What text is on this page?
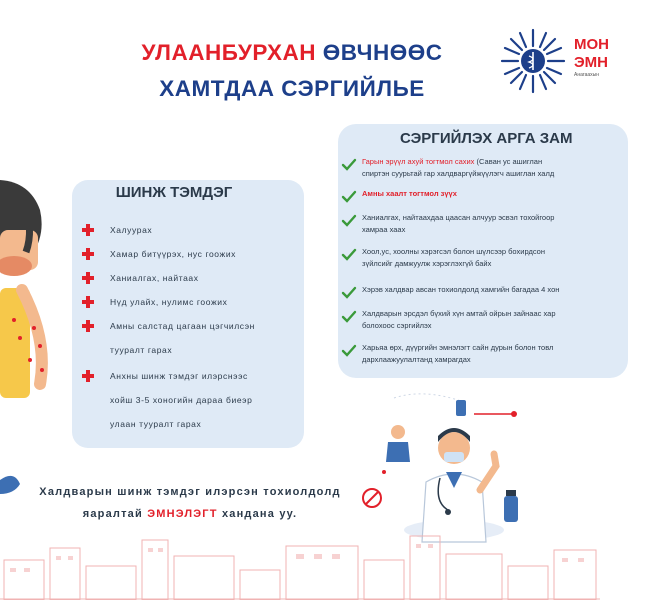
УЛААНБУРХАН ӨВЧНӨӨС
ХАМТДАА СЭРГИЙЛЬЕ
МОН
ЭМН
Анагаахын
ШИНЖ ТЭМДЭГ
Халуурах
Хамар битүүрэх, нус гоожих
Ханиалгах, найтаах
Нүд улайх, нулимс гоожих
Амны салстад цагаан цэгчилсэн
тууралт гарах
Анхны шинж тэмдэг илэрснээс
хойш 3-5 хоногийн дараа биеэр
улаан тууралт гарах
СЭРГИЙЛЭХ АРГА ЗАМ
Гарын эрүүл ахуй тогтмол сахих (Саван ус ашиглан
спиртэн суурьтай гар халдваргүйжүүлэгч ашиглан халд
Амны хаалт тогтмол зүүх
Ханиалгах, найтаахдаа цаасан алчуур эсвэл тохойгоор
хамраа хаах
Хоол,ус, хоолны хэрэгсэл болон шүлсээр бохирдсон
зүйлсийг дамжуулж хэрэглэхгүй байх
Хэрэв халдвар авсан тохиолдолд хамгийн багадаа 4 хон
Халдварын эрсдэл бүхий хүн амтай ойрын зайнаас хар
болохоос сэргийлэх
Харьяа өрх, дүүргийн эмнэлэгт сайн дурын болон товл
дархлаажуулалтанд хамрагдах
Халдварын шинж тэмдэг илэрсэн тохиолдолд
яаралтай ЭМНЭЛЭГТ хандана уу.
